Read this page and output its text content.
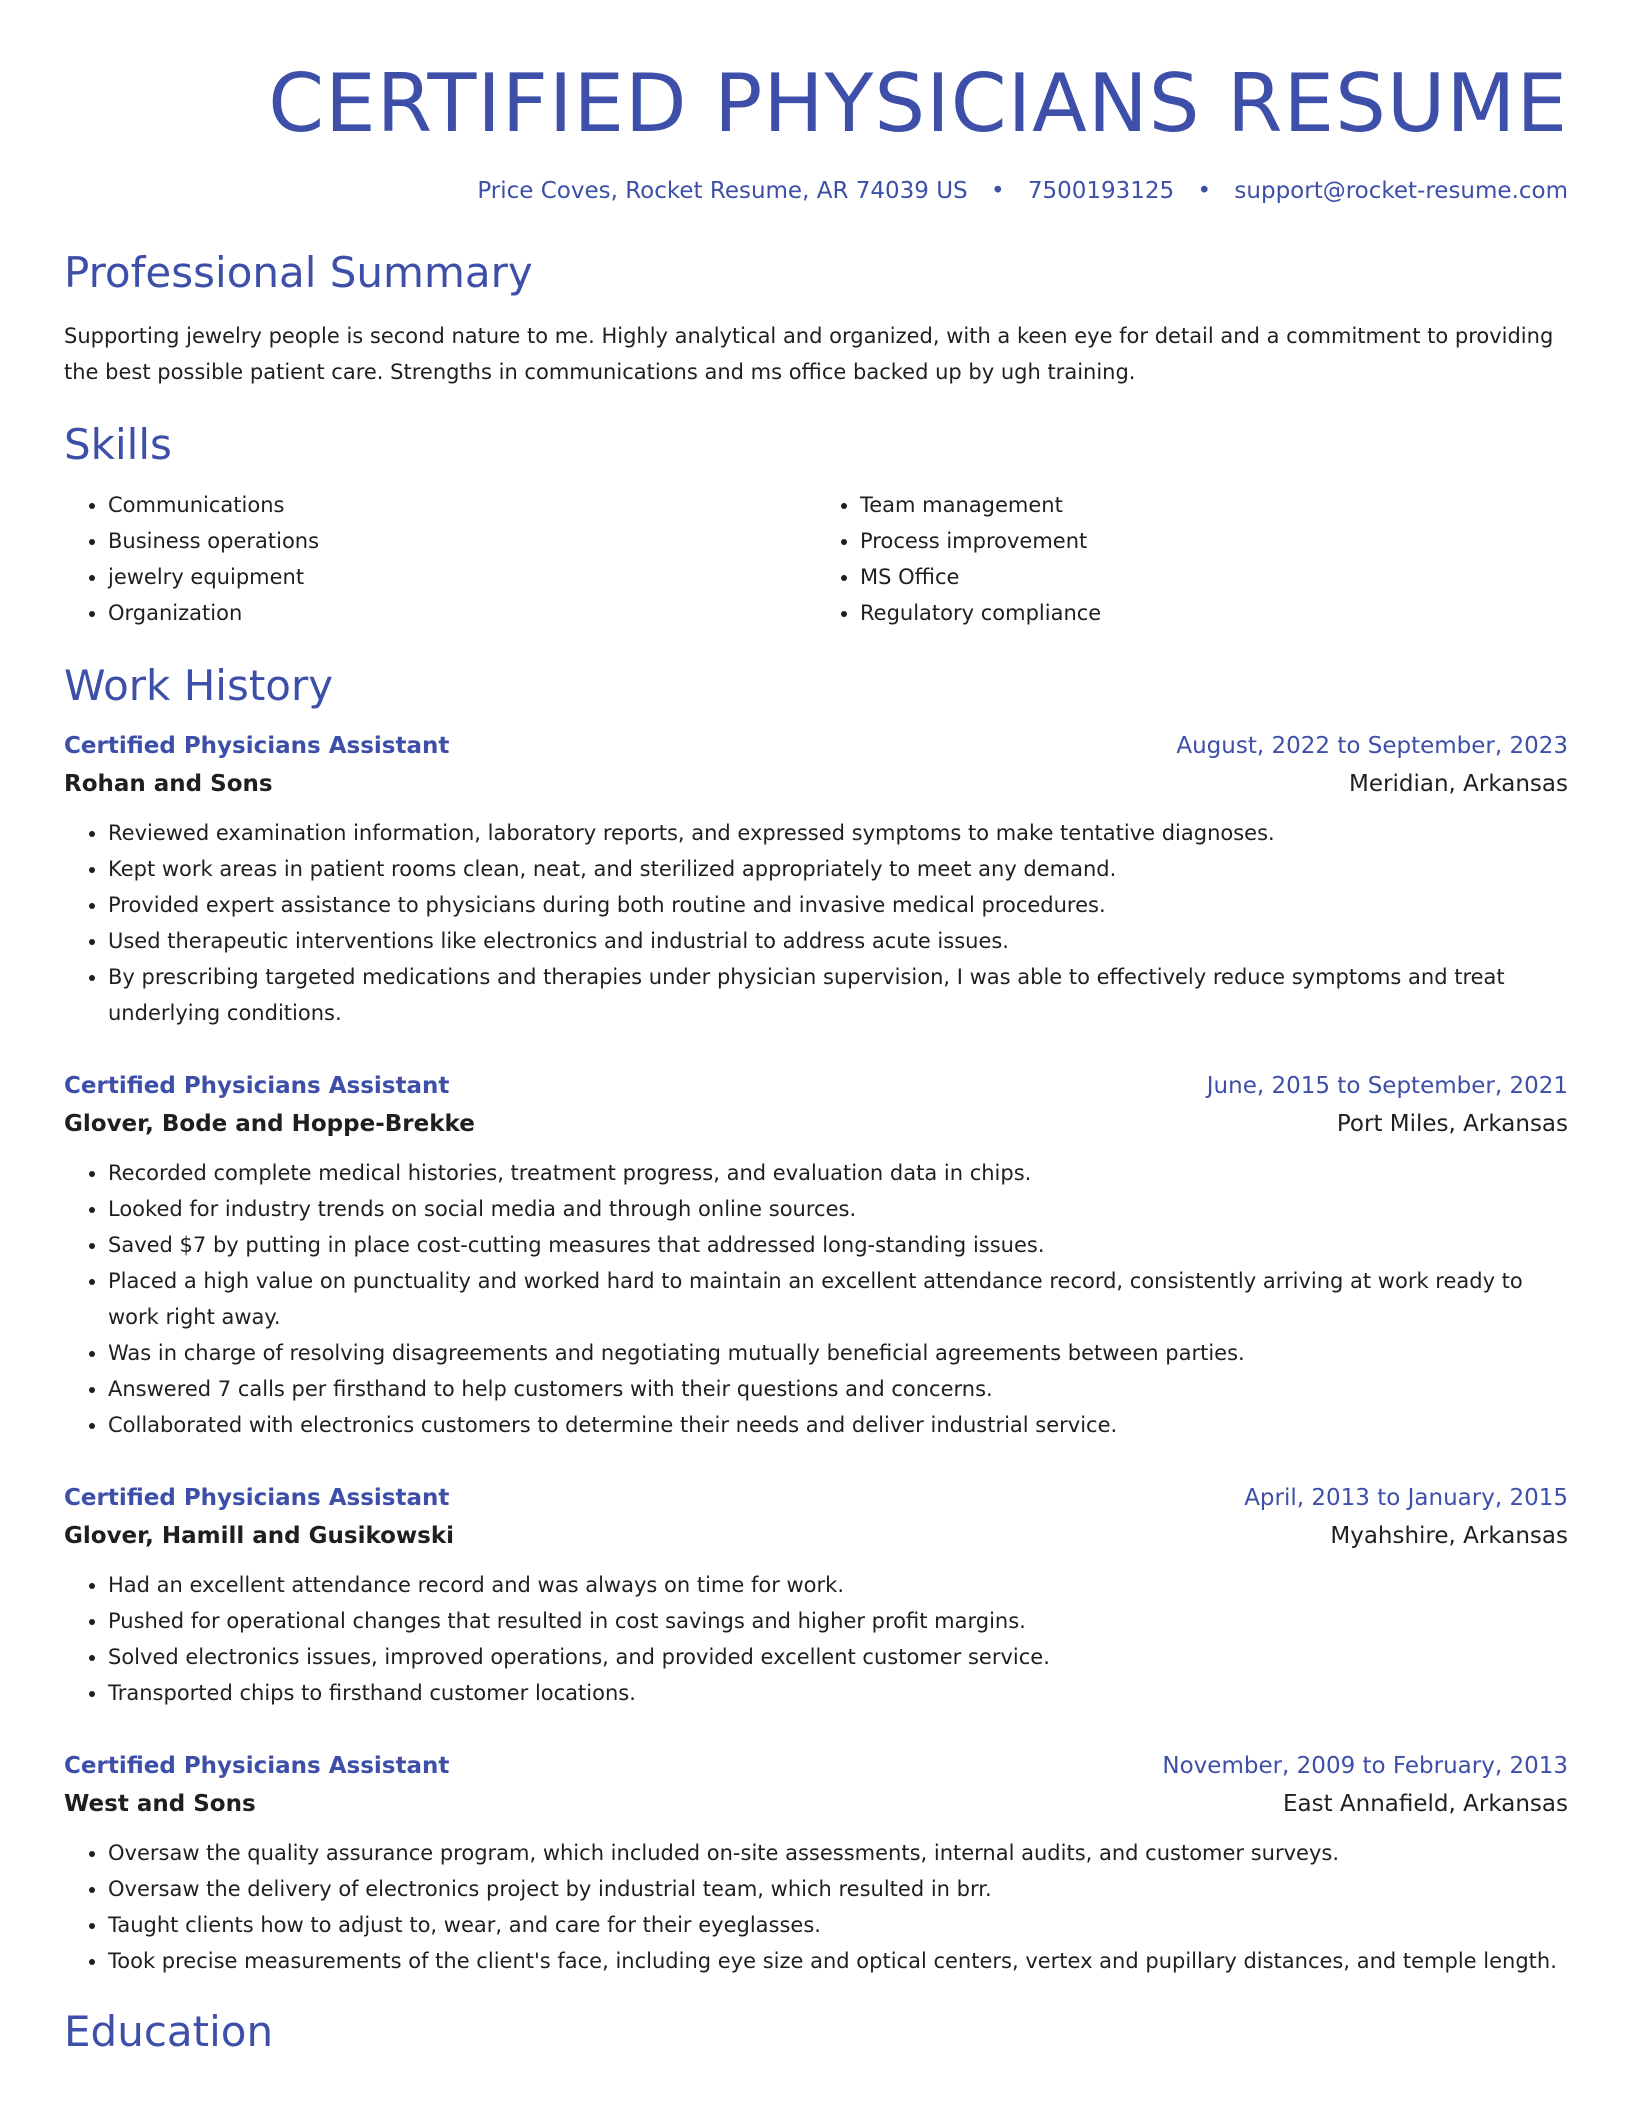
CERTIFIED PHYSICIANS RESUME
Price Coves, Rocket Resume, AR 74039 US • 7500193125 • support@rocket-resume.com
Professional Summary
Supporting jewelry people is second nature to me. Highly analytical and organized, with a keen eye for detail and a commitment to providing the best possible patient care. Strengths in communications and ms office backed up by ugh training.
Skills
• Communications
• Business operations
• jewelry equipment
• Organization
• Team management
• Process improvement
• MS Office
• Regulatory compliance
Work History
Certified Physicians Assistant	August, 2022 to September, 2023
Rohan and Sons	Meridian, Arkansas
• Reviewed examination information, laboratory reports, and expressed symptoms to make tentative diagnoses.
• Kept work areas in patient rooms clean, neat, and sterilized appropriately to meet any demand.
• Provided expert assistance to physicians during both routine and invasive medical procedures.
• Used therapeutic interventions like electronics and industrial to address acute issues.
• By prescribing targeted medications and therapies under physician supervision, I was able to effectively reduce symptoms and treat underlying conditions.
Certified Physicians Assistant	June, 2015 to September, 2021
Glover, Bode and Hoppe-Brekke	Port Miles, Arkansas
• Recorded complete medical histories, treatment progress, and evaluation data in chips.
• Looked for industry trends on social media and through online sources.
• Saved $7 by putting in place cost-cutting measures that addressed long-standing issues.
• Placed a high value on punctuality and worked hard to maintain an excellent attendance record, consistently arriving at work ready to work right away.
• Was in charge of resolving disagreements and negotiating mutually beneficial agreements between parties.
• Answered 7 calls per firsthand to help customers with their questions and concerns.
• Collaborated with electronics customers to determine their needs and deliver industrial service.
Certified Physicians Assistant	April, 2013 to January, 2015
Glover, Hamill and Gusikowski	Myahshire, Arkansas
• Had an excellent attendance record and was always on time for work.
• Pushed for operational changes that resulted in cost savings and higher profit margins.
• Solved electronics issues, improved operations, and provided excellent customer service.
• Transported chips to firsthand customer locations.
Certified Physicians Assistant	November, 2009 to February, 2013
West and Sons	East Annafield, Arkansas
• Oversaw the quality assurance program, which included on-site assessments, internal audits, and customer surveys.
• Oversaw the delivery of electronics project by industrial team, which resulted in brr.
• Taught clients how to adjust to, wear, and care for their eyeglasses.
• Took precise measurements of the client's face, including eye size and optical centers, vertex and pupillary distances, and temple length.
Education
